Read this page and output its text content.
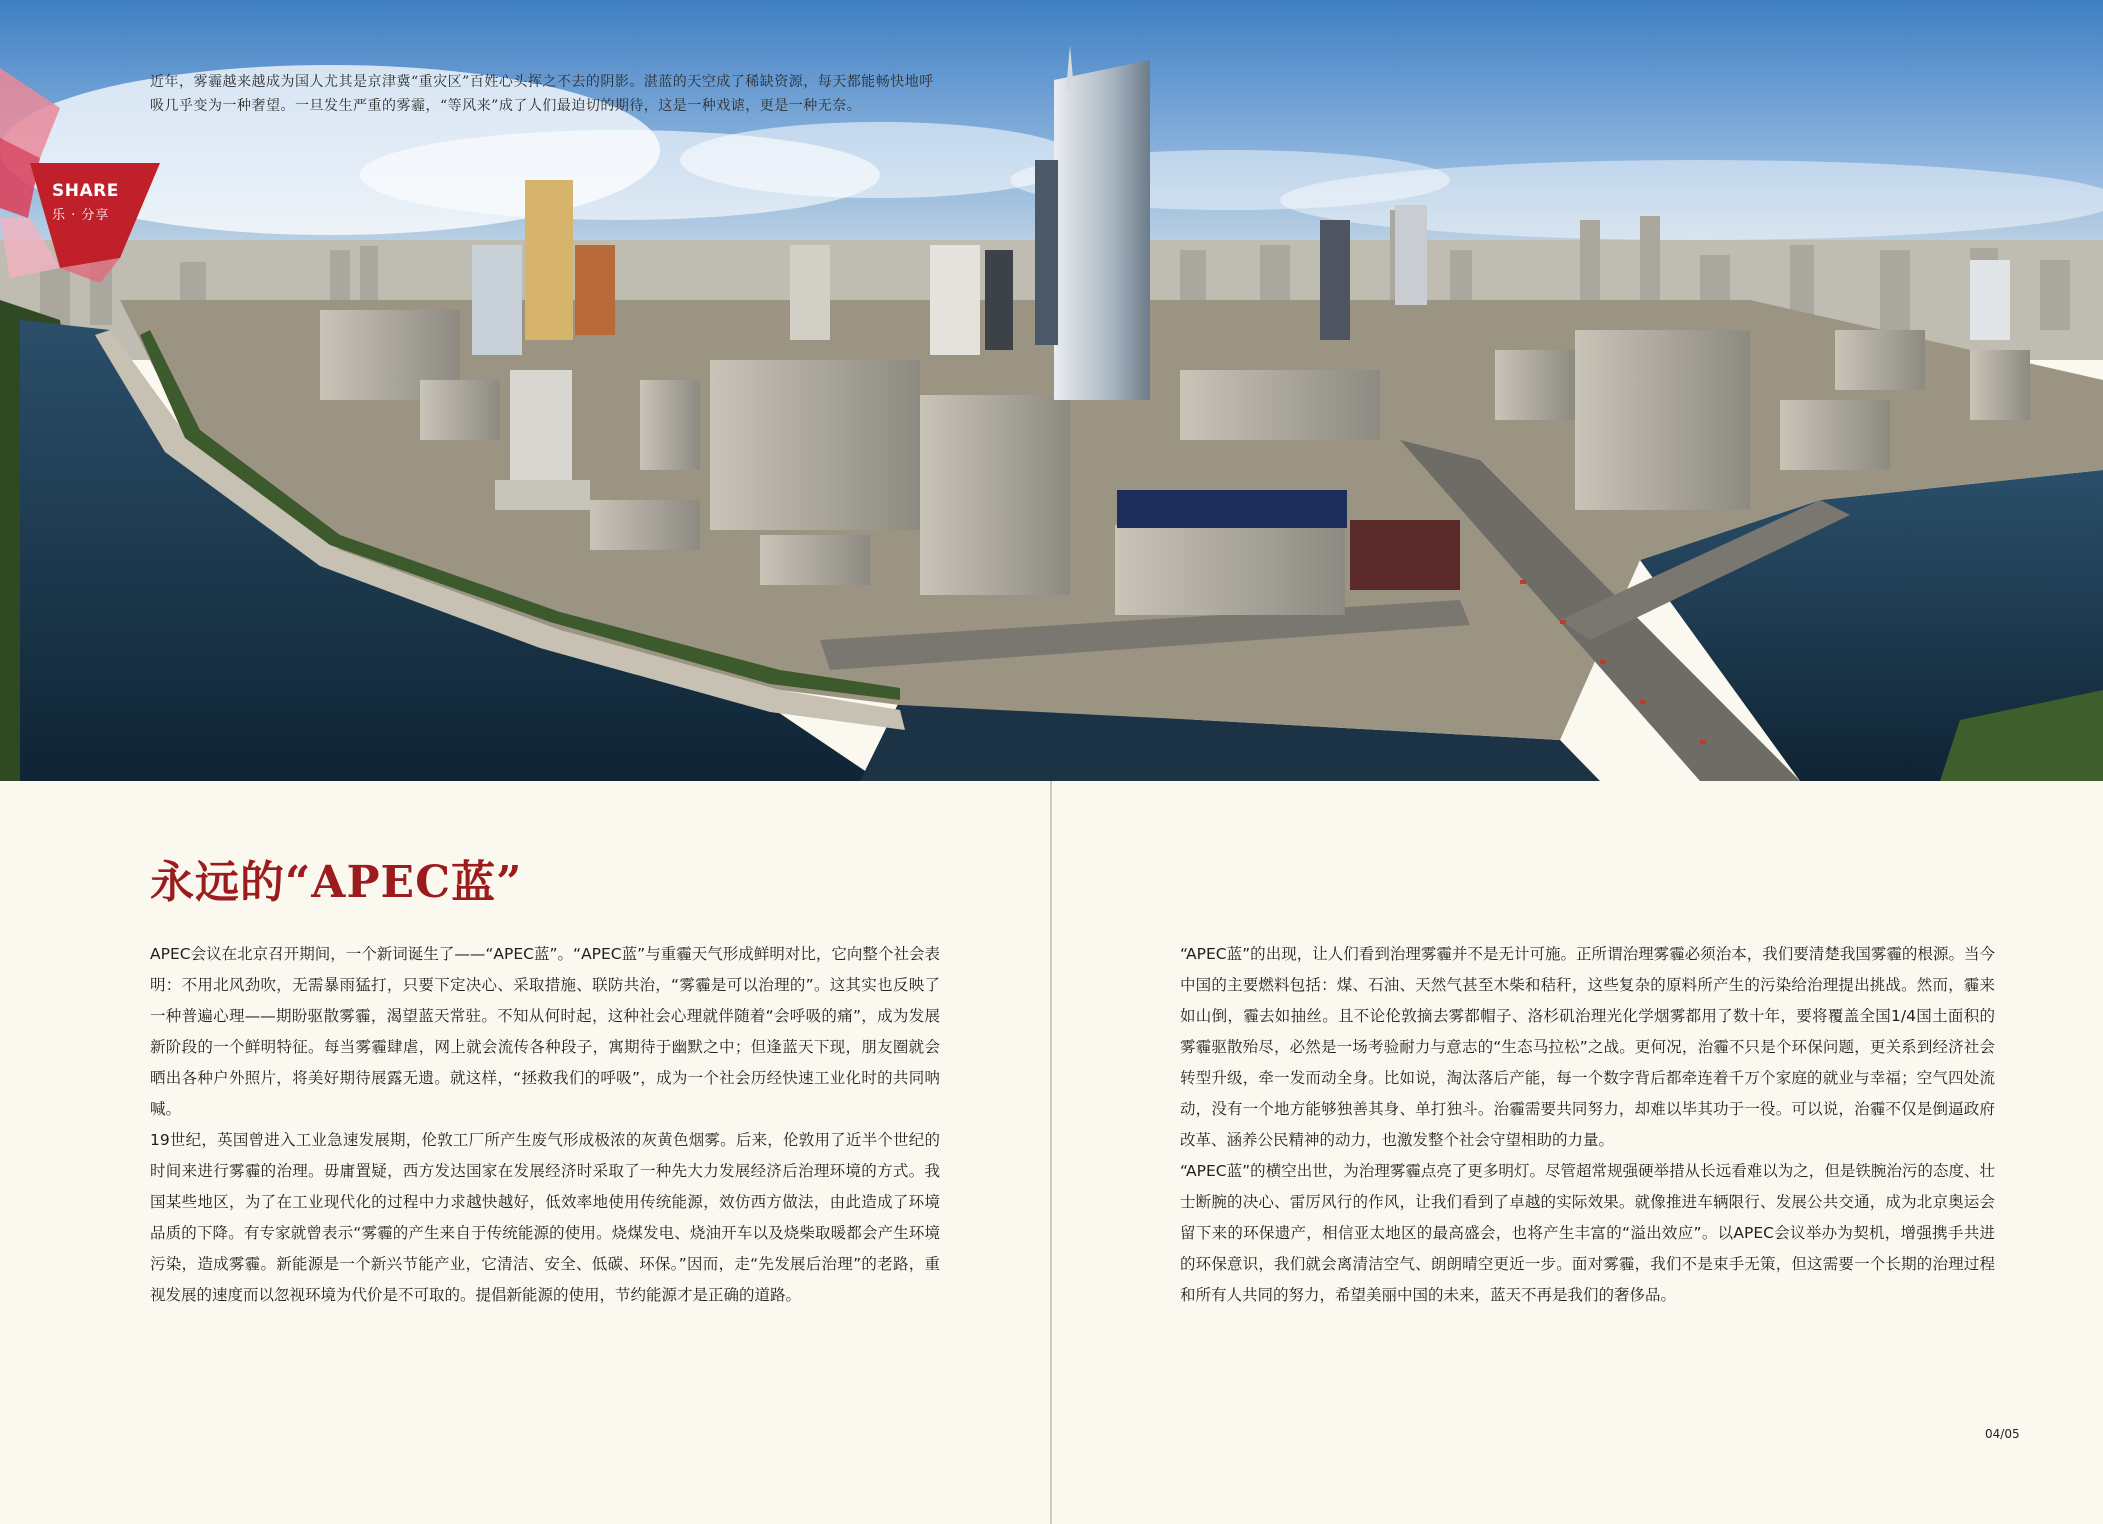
SHARE
乐 · 分享
近年，雾霾越来越成为国人尤其是京津冀“重灾区”百姓心头挥之不去的阴影。湛蓝的天空成了稀缺资源，每天都能畅快地呼吸几乎变为一种奢望。一旦发生严重的雾霾，“等风来”成了人们最迫切的期待，这是一种戏谑，更是一种无奈。
永远的“APEC蓝”

APEC会议在北京召开期间，一个新词诞生了——“APEC蓝”。“APEC蓝”与重霾天气形成鲜明对比，它向整个社会表明：不用北风劲吹，无需暴雨猛打，只要下定决心、采取措施、联防共治，“雾霾是可以治理的”。这其实也反映了一种普遍心理——期盼驱散雾霾，渴望蓝天常驻。不知从何时起，这种社会心理就伴随着“会呼吸的痛”，成为发展新阶段的一个鲜明特征。每当雾霾肆虐，网上就会流传各种段子，寓期待于幽默之中；但逢蓝天下现，朋友圈就会晒出各种户外照片，将美好期待展露无遗。就这样，“拯救我们的呼吸”，成为一个社会历经快速工业化时的共同呐喊。

19世纪，英国曾进入工业急速发展期，伦敦工厂所产生废气形成极浓的灰黄色烟雾。后来，伦敦用了近半个世纪的时间来进行雾霾的治理。毋庸置疑，西方发达国家在发展经济时采取了一种先大力发展经济后治理环境的方式。我国某些地区，为了在工业现代化的过程中力求越快越好，低效率地使用传统能源，效仿西方做法，由此造成了环境品质的下降。有专家就曾表示“雾霾的产生来自于传统能源的使用。烧煤发电、烧油开车以及烧柴取暖都会产生环境污染，造成雾霾。新能源是一个新兴节能产业，它清洁、安全、低碳、环保。”因而，走“先发展后治理”的老路，重视发展的速度而以忽视环境为代价是不可取的。提倡新能源的使用，节约能源才是正确的道路。

“APEC蓝”的出现，让人们看到治理雾霾并不是无计可施。正所谓治理雾霾必须治本，我们要清楚我国雾霾的根源。当今中国的主要燃料包括：煤、石油、天然气甚至木柴和秸秆，这些复杂的原料所产生的污染给治理提出挑战。然而，霾来如山倒，霾去如抽丝。且不论伦敦摘去雾都帽子、洛杉矶治理光化学烟雾都用了数十年，要将覆盖全国1/4国土面积的雾霾驱散殆尽，必然是一场考验耐力与意志的“生态马拉松”之战。更何况，治霾不只是个环保问题，更关系到经济社会转型升级，牵一发而动全身。比如说，淘汰落后产能，每一个数字背后都牵连着千万个家庭的就业与幸福；空气四处流动，没有一个地方能够独善其身、单打独斗。治霾需要共同努力，却难以毕其功于一役。可以说，治霾不仅是倒逼政府改革、涵养公民精神的动力，也激发整个社会守望相助的力量。

“APEC蓝”的横空出世，为治理雾霾点亮了更多明灯。尽管超常规强硬举措从长远看难以为之，但是铁腕治污的态度、壮士断腕的决心、雷厉风行的作风，让我们看到了卓越的实际效果。就像推进车辆限行、发展公共交通，成为北京奥运会留下来的环保遗产，相信亚太地区的最高盛会，也将产生丰富的“溢出效应”。以APEC会议举办为契机，增强携手共进的环保意识，我们就会离清洁空气、朗朗晴空更近一步。面对雾霾，我们不是束手无策，但这需要一个长期的治理过程和所有人共同的努力，希望美丽中国的未来，蓝天不再是我们的奢侈品。

04/05
